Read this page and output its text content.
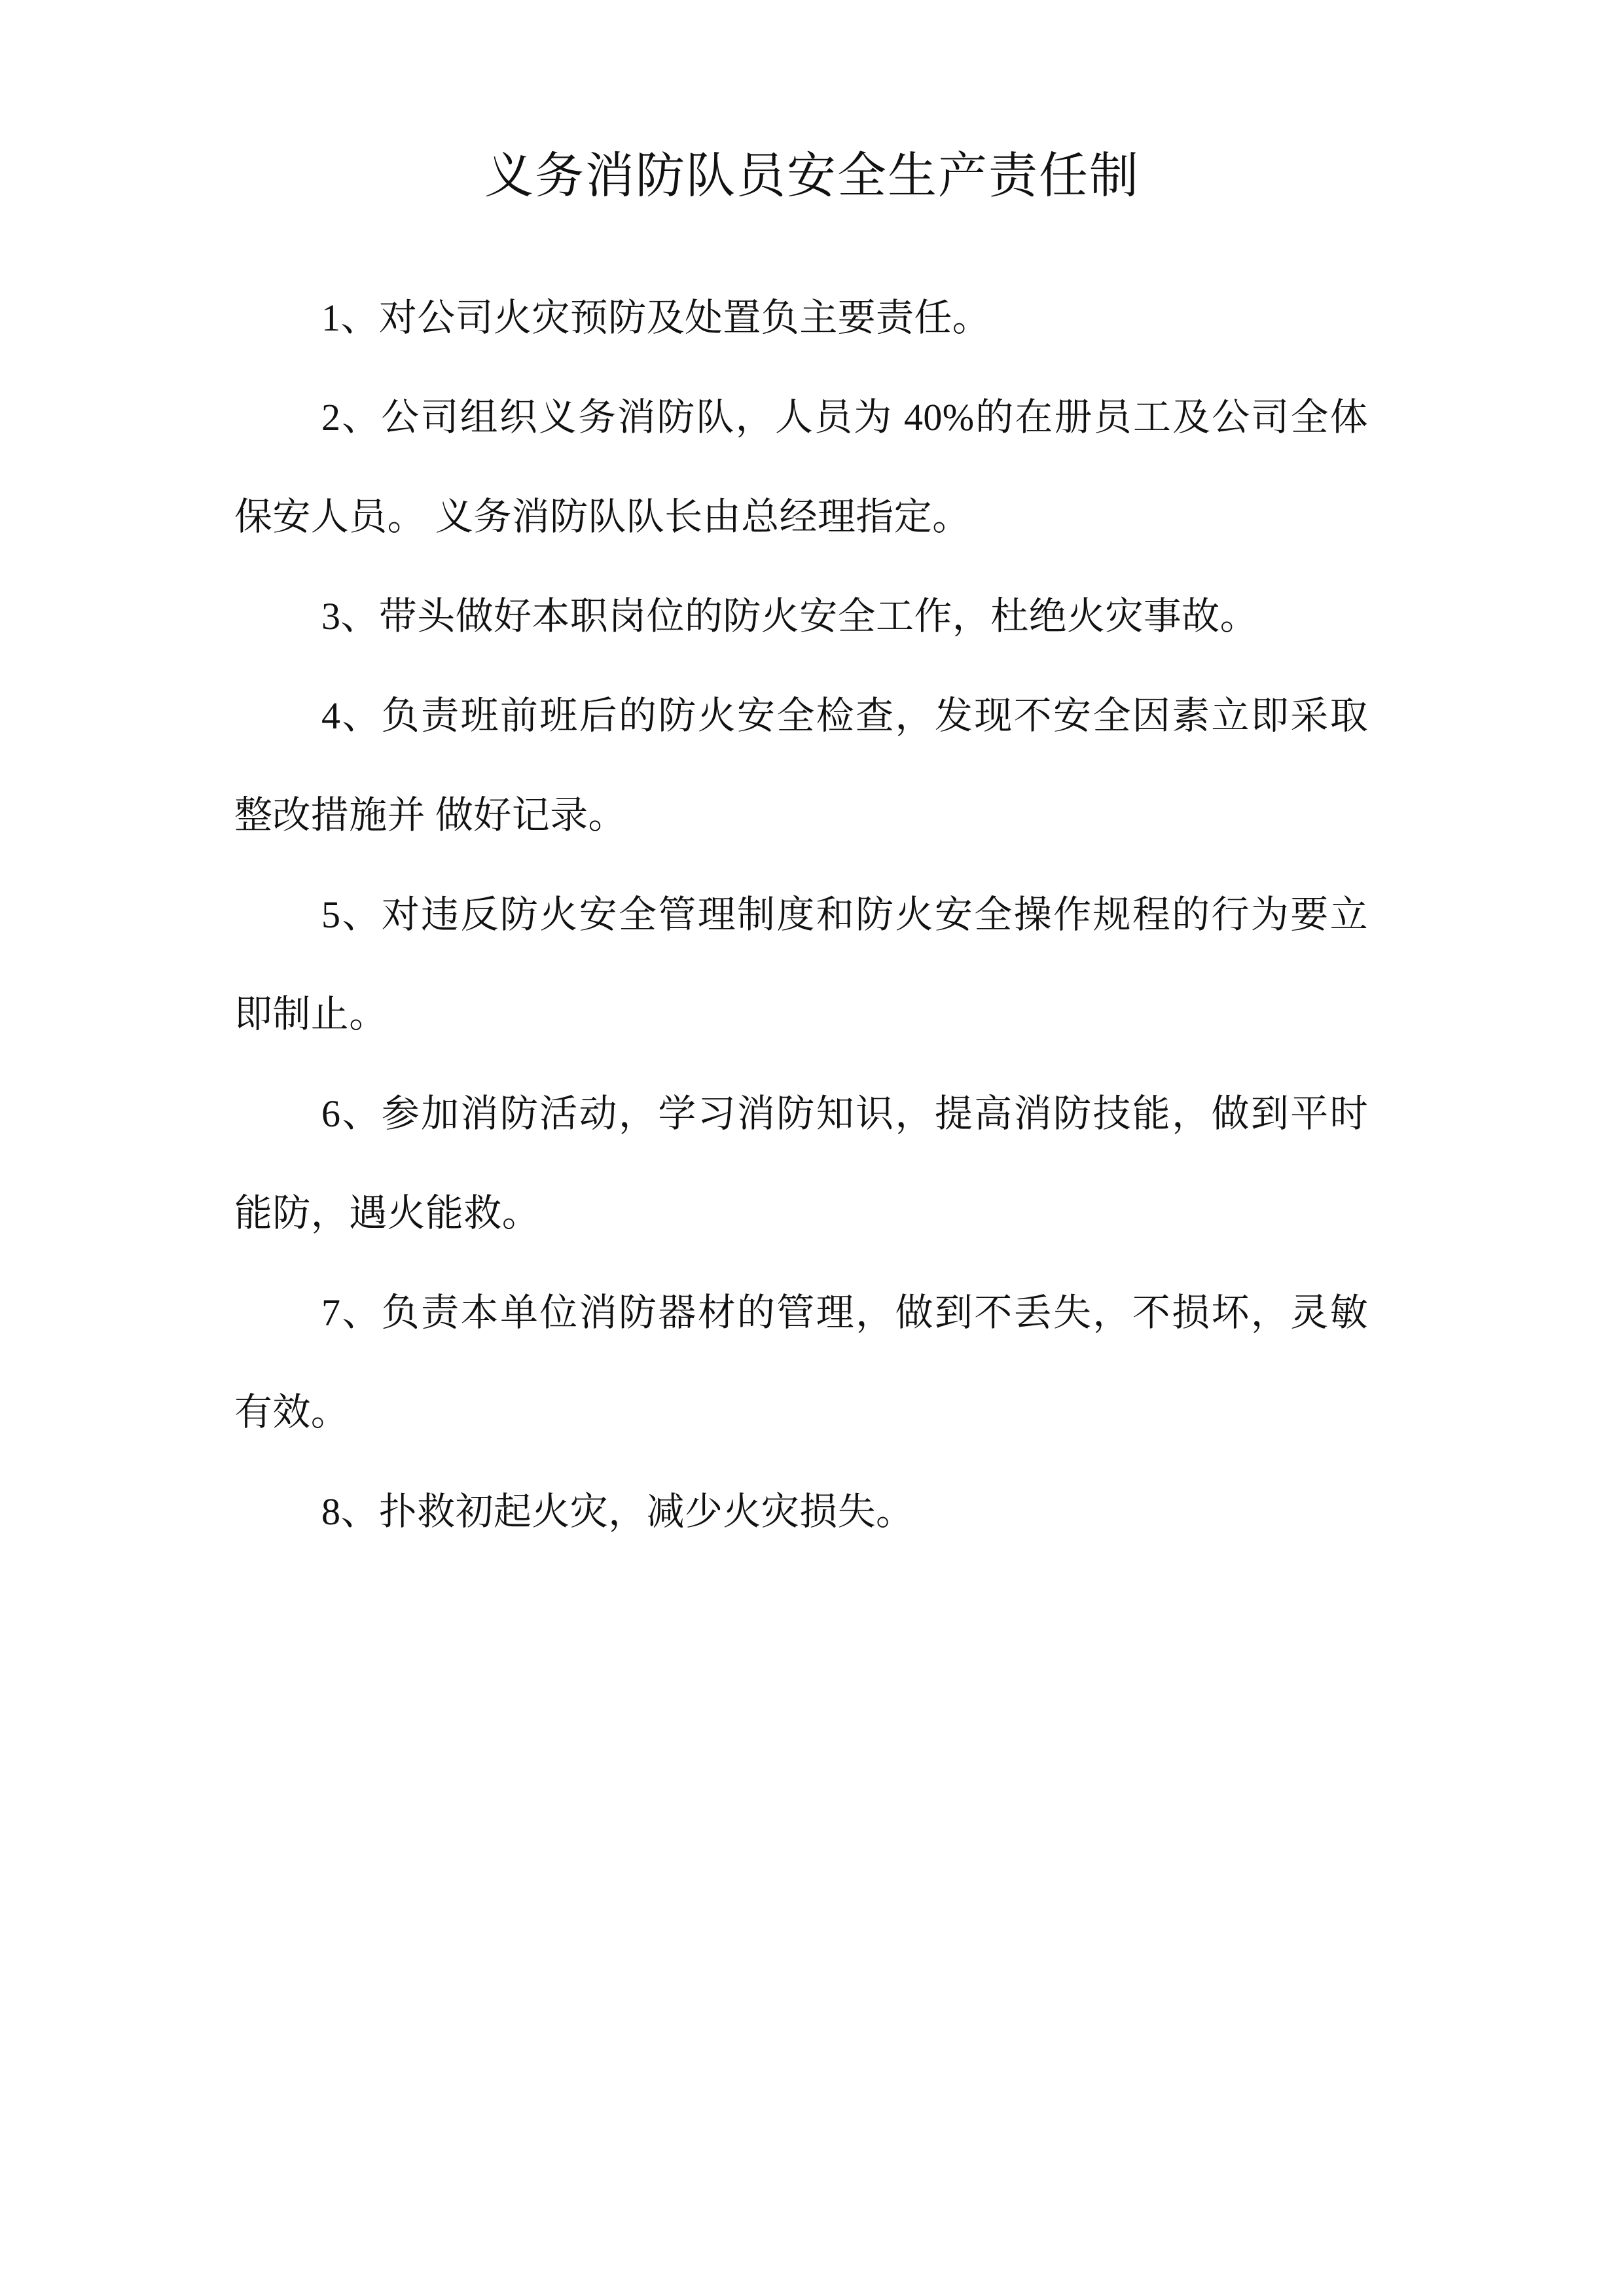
义务消防队员安全生产责任制

1、对公司火灾预防及处置负主要责任。

2、公司组织义务消防队，人员为 40%的在册员工及公司全体保安人员。 义务消防队队长由总经理指定。

3、带头做好本职岗位的防火安全工作，杜绝火灾事故。

4、负责班前班后的防火安全检查，发现不安全因素立即采取整改措施并 做好记录。

5、对违反防火安全管理制度和防火安全操作规程的行为要立即制止。

6、参加消防活动，学习消防知识，提高消防技能，做到平时能防，遇火能救。

7、负责本单位消防器材的管理，做到不丢失，不损坏，灵敏有效。

8、扑救初起火灾，减少火灾损失。
